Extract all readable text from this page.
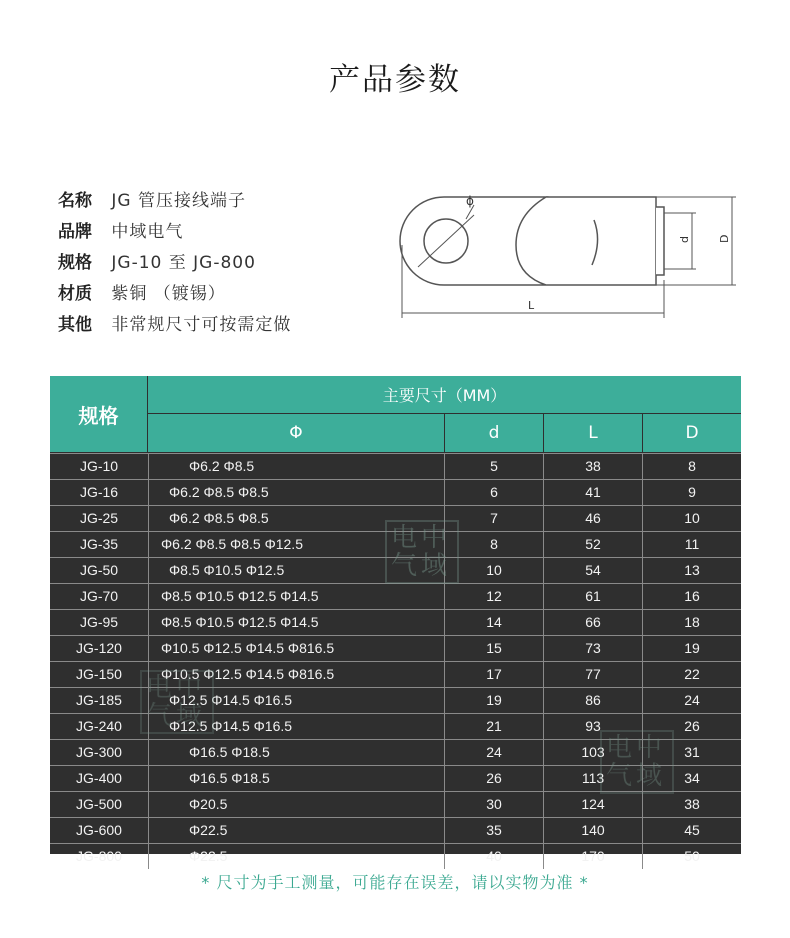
产品参数
名称 JG 管压接线端子
品牌 中域电气
规格 JG-10 至 JG-800
材质 紫铜 （镀锡）
其他 非常规尺寸可按需定做
ϕ
d D
L
规格
主要尺寸（MM）
Φ	d	L	D
JG-10	Φ6.2 Φ8.5	5	38	8
JG-16	Φ6.2 Φ8.5 Φ8.5	6	41	9
JG-25	Φ6.2 Φ8.5 Φ8.5	7	46	10
JG-35	Φ6.2 Φ8.5 Φ8.5 Φ12.5	8	52	11
JG-50	Φ8.5 Φ10.5 Φ12.5	10	54	13
JG-70	Φ8.5 Φ10.5 Φ12.5 Φ14.5	12	61	16
JG-95	Φ8.5 Φ10.5 Φ12.5 Φ14.5	14	66	18
JG-120	Φ10.5 Φ12.5 Φ14.5 Φ816.5	15	73	19
JG-150	Φ10.5 Φ12.5 Φ14.5 Φ816.5	17	77	22
JG-185	Φ12.5 Φ14.5 Φ16.5	19	86	24
JG-240	Φ12.5 Φ14.5 Φ16.5	21	93	26
JG-300	Φ16.5 Φ18.5	24	103	31
JG-400	Φ16.5 Φ18.5	26	113	34
JG-500	Φ20.5	30	124	38
JG-600	Φ22.5	35	140	45
JG-800	Φ22.5	40	170	50
电中
气域
电中
气域
电中
气域
* 尺寸为手工测量，可能存在误差，请以实物为准 *
